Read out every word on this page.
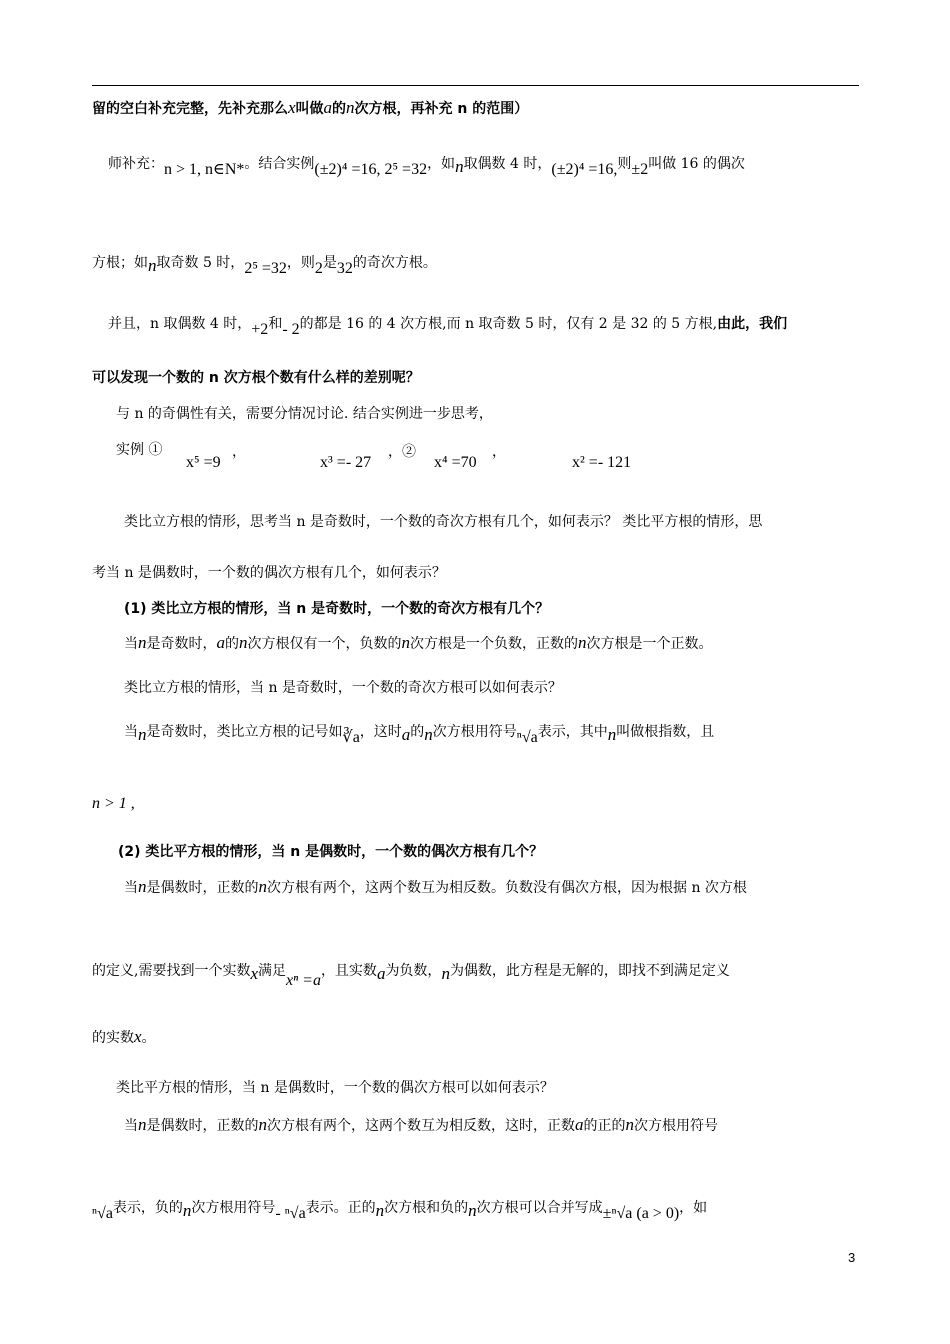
留的空白补充完整，先补充那么x叫做a的n次方根，再补充 n 的范围）
师补充：n > 1, n∈N*。结合实例(±2)⁴ =16, 2⁵ =32，如n取偶数 4 时，(±2)⁴ =16,则±2叫做 16 的偶次
方根；如n取奇数 5 时，2⁵ =32，则2是32的奇次方根。
并且，n 取偶数 4 时，+2和- 2的都是 16 的 4 次方根,而 n 取奇数 5 时，仅有 2 是 32 的 5 方根,由此，我们
可以发现一个数的 n 次方根个数有什么样的差别呢？
与 n 的奇偶性有关，需要分情况讨论. 结合实例进一步思考，
实例 ①
x⁵ =9
，
x³ =- 27
，②
x⁴ =70
，
x² =- 121
类比立方根的情形，思考当 n 是奇数时，一个数的奇次方根有几个，如何表示？ 类比平方根的情形，思
考当 n 是偶数时，一个数的偶次方根有几个，如何表示？
(1) 类比立方根的情形，当 n 是奇数时，一个数的奇次方根有几个？
当n是奇数时，a的n次方根仅有一个，负数的n次方根是一个负数，正数的n次方根是一个正数。
类比立方根的情形，当 n 是奇数时，一个数的奇次方根可以如何表示？
当n是奇数时，类比立方根的记号如∛a，这时a的n次方根用符号ⁿ√a表示，其中n叫做根指数，且
n > 1 ,
(2) 类比平方根的情形，当 n 是偶数时，一个数的偶次方根有几个？
当n是偶数时，正数的n次方根有两个，这两个数互为相反数。负数没有偶次方根，因为根据 n 次方根
的定义,需要找到一个实数x满足xⁿ =a，且实数a为负数，n为偶数，此方程是无解的，即找不到满足定义
的实数x。
类比平方根的情形，当 n 是偶数时，一个数的偶次方根可以如何表示？
当n是偶数时，正数的n次方根有两个，这两个数互为相反数，这时，正数a的正的n次方根用符号
ⁿ√a表示，负的n次方根用符号- ⁿ√a表示。正的n次方根和负的n次方根可以合并写成±ⁿ√a (a > 0)，如
3
